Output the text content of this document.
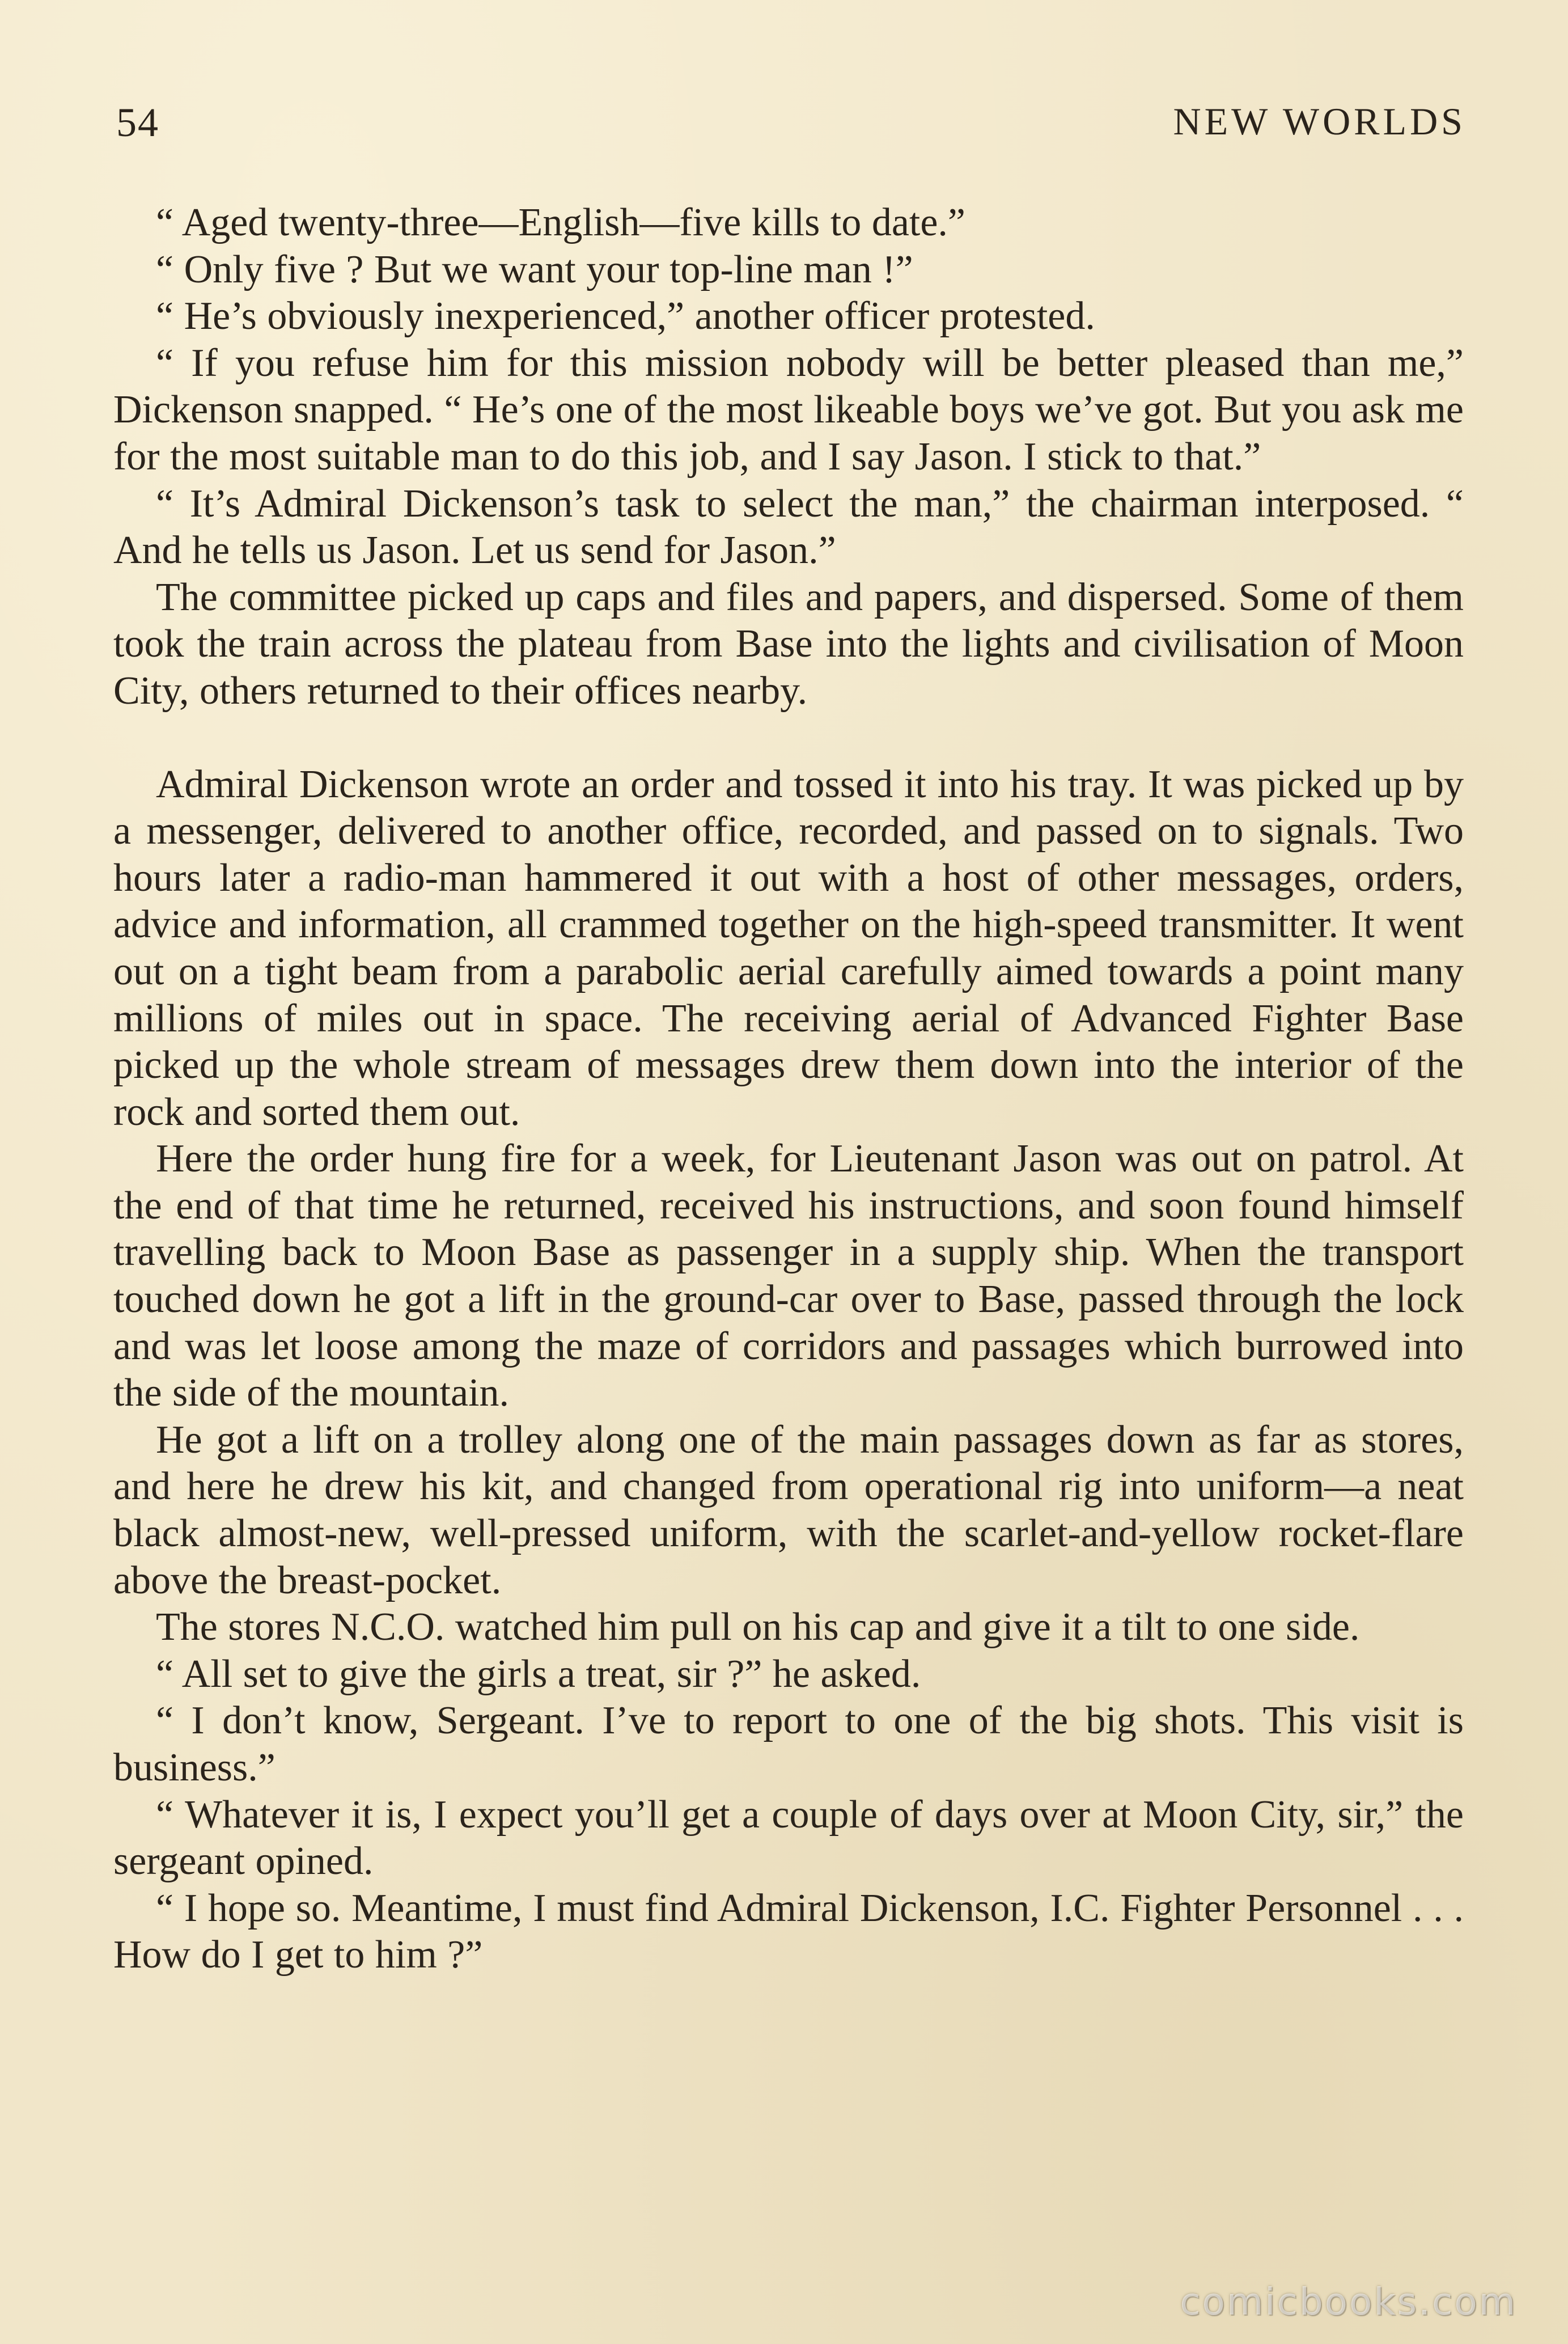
54	NEW WORLDS

“ Aged twenty-three—English—five kills to date.”

“ Only five ? But we want your top-line man !”

“ He’s obviously inexperienced,” another officer protested.

“ If you refuse him for this mission nobody will be better pleased than me,” Dickenson snapped. “ He’s one of the most likeable boys we’ve got. But you ask me for the most suitable man to do this job, and I say Jason. I stick to that.”

“ It’s Admiral Dickenson’s task to select the man,” the chairman interposed. “ And he tells us Jason. Let us send for Jason.”

The committee picked up caps and files and papers, and dispersed. Some of them took the train across the plateau from Base into the lights and civilisation of Moon City, others returned to their offices nearby.

Admiral Dickenson wrote an order and tossed it into his tray. It was picked up by a messenger, delivered to another office, recorded, and passed on to signals. Two hours later a radio-man hammered it out with a host of other messages, orders, advice and information, all crammed together on the high-speed transmitter. It went out on a tight beam from a parabolic aerial carefully aimed towards a point many millions of miles out in space. The receiving aerial of Advanced Fighter Base picked up the whole stream of messages drew them down into the interior of the rock and sorted them out.

Here the order hung fire for a week, for Lieutenant Jason was out on patrol. At the end of that time he returned, received his instructions, and soon found himself travelling back to Moon Base as passenger in a supply ship. When the transport touched down he got a lift in the ground-car over to Base, passed through the lock and was let loose among the maze of corridors and passages which burrowed into the side of the mountain.

He got a lift on a trolley along one of the main passages down as far as stores, and here he drew his kit, and changed from operational rig into uniform—a neat black almost-new, well-pressed uniform, with the scarlet-and-yellow rocket-flare above the breast-pocket.

The stores N.C.O. watched him pull on his cap and give it a tilt to one side.

“ All set to give the girls a treat, sir ?” he asked.

“ I don’t know, Sergeant. I’ve to report to one of the big shots. This visit is business.”

“ Whatever it is, I expect you’ll get a couple of days over at Moon City, sir,” the sergeant opined.

“ I hope so. Meantime, I must find Admiral Dickenson, I.C. Fighter Personnel . . . How do I get to him ?”

comicbooks.com
